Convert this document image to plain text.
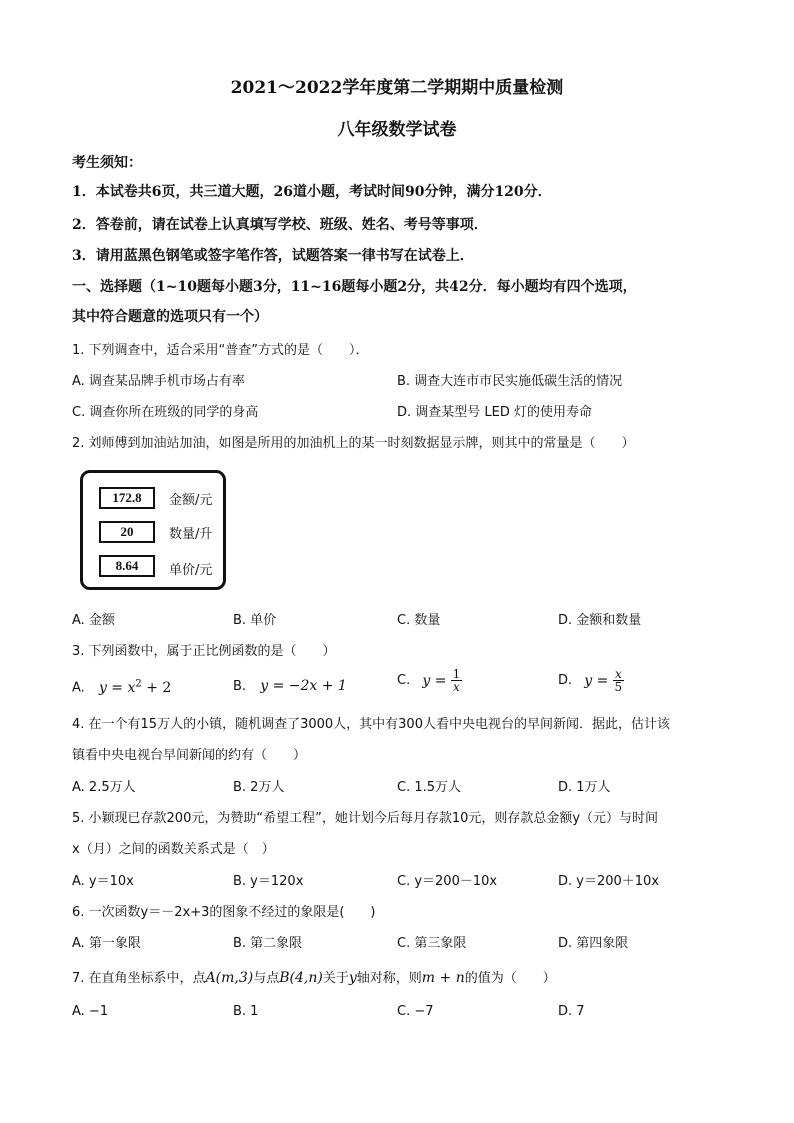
2021～2022学年度第二学期期中质量检测
八年级数学试卷
考生须知：
1．本试卷共6页，共三道大题，26道小题，考试时间90分钟，满分120分．
2．答卷前，请在试卷上认真填写学校、班级、姓名、考号等事项．
3．请用蓝黑色钢笔或签字笔作答，试题答案一律书写在试卷上．
一、选择题（1~10题每小题3分，11~16题每小题2分，共42分．每小题均有四个选项，
其中符合题意的选项只有一个）
1. 下列调查中，适合采用“普查”方式的是（　　）．
A. 调查某品牌手机市场占有率	B. 调查大连市市民实施低碳生活的情况
C. 调查你所在班级的同学的身高	D. 调查某型号 LED 灯的使用寿命
2. 刘师傅到加油站加油，如图是所用的加油机上的某一时刻数据显示牌，则其中的常量是（　　）
172.8	金额/元
20	数量/升
8.64	单价/元
A. 金额	B. 单价	C. 数量	D. 金额和数量
3. 下列函数中，属于正比例函数的是（　　）
A. $y = x^2 + 2$	B. y = −2x + 1	C. $y = \frac{1}{x}$	D. $y = \frac{x}{5}$
4. 在一个有15万人的小镇，随机调查了3000人，其中有300人看中央电视台的早间新闻．据此，估计该
镇看中央电视台早间新闻的约有（　　）
A. 2.5万人	B. 2万人	C. 1.5万人	D. 1万人
5. 小颖现已存款200元，为赞助“希望工程”，她计划今后每月存款10元，则存款总金额y（元）与时间
x（月）之间的函数关系式是（　）
A. y＝10x	B. y＝120x	C. y＝200－10x	D. y＝200＋10x
6. 一次函数y＝－2x+3的图象不经过的象限是(　　)
A. 第一象限	B. 第二象限	C. 第三象限	D. 第四象限
7. 在直角坐标系中，点A(m,3)与点B(4,n)关于y轴对称，则m + n的值为（　　）
A. −1	B. 1	C. −7	D. 7
